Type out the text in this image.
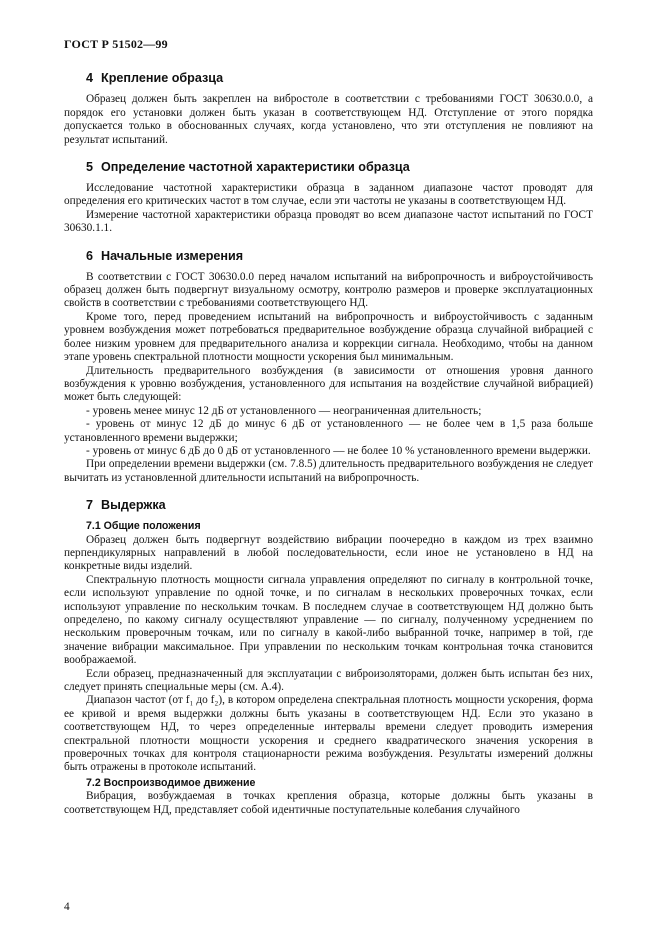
ГОСТ Р 51502—99
4 Крепление образца

Образец должен быть закреплен на вибростоле в соответствии с требованиями ГОСТ 30630.0.0, а порядок его установки должен быть указан в соответствующем НД. Отступление от этого порядка допускается только в обоснованных случаях, когда установлено, что эти отступления не повлияют на результат испытаний.

5 Определение частотной характеристики образца

Исследование частотной характеристики образца в заданном диапазоне частот проводят для определения его критических частот в том случае, если эти частоты не указаны в соответствующем НД.

Измерение частотной характеристики образца проводят во всем диапазоне частот испытаний по ГОСТ 30630.1.1.

6 Начальные измерения

В соответствии с ГОСТ 30630.0.0 перед началом испытаний на вибропрочность и виброустойчивость образец должен быть подвергнут визуальному осмотру, контролю размеров и проверке эксплуатационных свойств в соответствии с требованиями соответствующего НД.

Кроме того, перед проведением испытаний на вибропрочность и виброустойчивость с заданным уровнем возбуждения может потребоваться предварительное возбуждение образца случайной вибрацией с более низким уровнем для предварительного анализа и коррекции сигнала. Необходимо, чтобы на данном этапе уровень спектральной плотности мощности ускорения был минимальным.

Длительность предварительного возбуждения (в зависимости от отношения уровня данного возбуждения к уровню возбуждения, установленного для испытания на воздействие случайной вибрацией) может быть следующей:

- уровень менее минус 12 дБ от установленного — неограниченная длительность;

- уровень от минус 12 дБ до минус 6 дБ от установленного — не более чем в 1,5 раза больше установленного времени выдержки;

- уровень от минус 6 дБ до 0 дБ от установленного — не более 10 % установленного времени выдержки.

При определении времени выдержки (см. 7.8.5) длительность предварительного возбуждения не следует вычитать из установленной длительности испытаний на вибропрочность.

7 Выдержка
7.1 Общие положения

Образец должен быть подвергнут воздействию вибрации поочередно в каждом из трех взаимно перпендикулярных направлений в любой последовательности, если иное не установлено в НД на конкретные виды изделий.

Спектральную плотность мощности сигнала управления определяют по сигналу в контрольной точке, если используют управление по одной точке, и по сигналам в нескольких проверочных точках, если используют управление по нескольким точкам. В последнем случае в соответствующем НД должно быть определено, по какому сигналу осуществляют управление — по сигналу, полученному усреднением по нескольким проверочным точкам, или по сигналу в какой-либо выбранной точке, например в той, где значение вибрации максимальное. При управлении по нескольким точкам контрольная точка становится воображаемой.

Если образец, предназначенный для эксплуатации с виброизоляторами, должен быть испытан без них, следует принять специальные меры (см. А.4).

Диапазон частот (от f₁ до f₂), в котором определена спектральная плотность мощности ускорения, форма ее кривой и время выдержки должны быть указаны в соответствующем НД. Если это указано в соответствующем НД, то через определенные интервалы времени следует проводить измерения спектральной плотности мощности ускорения и среднего квадратического значения ускорения в проверочных точках для контроля стационарности режима возбуждения. Результаты измерений должны быть отражены в протоколе испытаний.

7.2 Воспроизводимое движение

Вибрация, возбуждаемая в точках крепления образца, которые должны быть указаны в соответствующем НД, представляет собой идентичные поступательные колебания случайного

4
